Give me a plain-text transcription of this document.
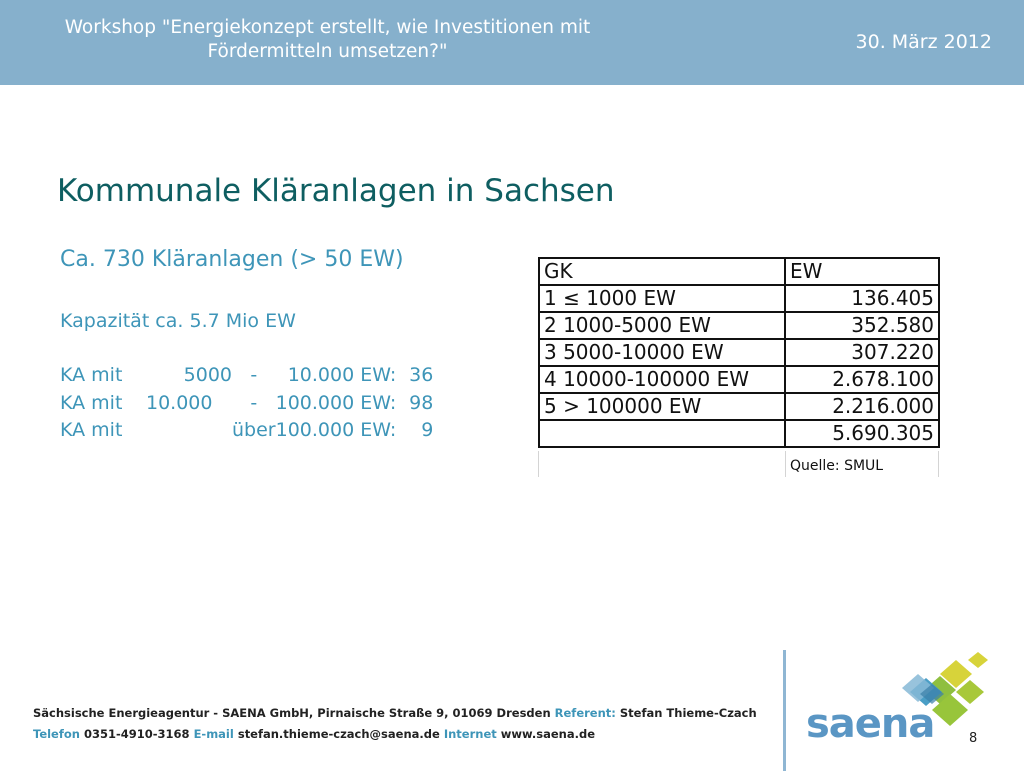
Workshop "Energiekonzept erstellt, wie Investitionen mit Fördermitteln umsetzen?"	30. März 2012
Kommunale Kläranlagen in Sachsen
Ca. 730 Kläranlagen (> 50 EW)
Kapazität ca. 5.7 Mio EW
KA mit	5000	-	10.000 EW:	36
KA mit	10.000	-	100.000 EW:	98
KA mit		über	100.000 EW:	9
GK	EW
1 ≤ 1000 EW	136.405
2 1000-5000 EW	352.580
3 5000-10000 EW	307.220
4 10000-100000 EW	2.678.100
5 > 100000 EW	2.216.000
	5.690.305
Quelle: SMUL
Sächsische Energieagentur - SAENA GmbH, Pirnaische Straße 9, 01069 Dresden Referent: Stefan Thieme-Czach
Telefon 0351-4910-3168 E-mail stefan.thieme-czach@saena.de Internet www.saena.de	saena	8
